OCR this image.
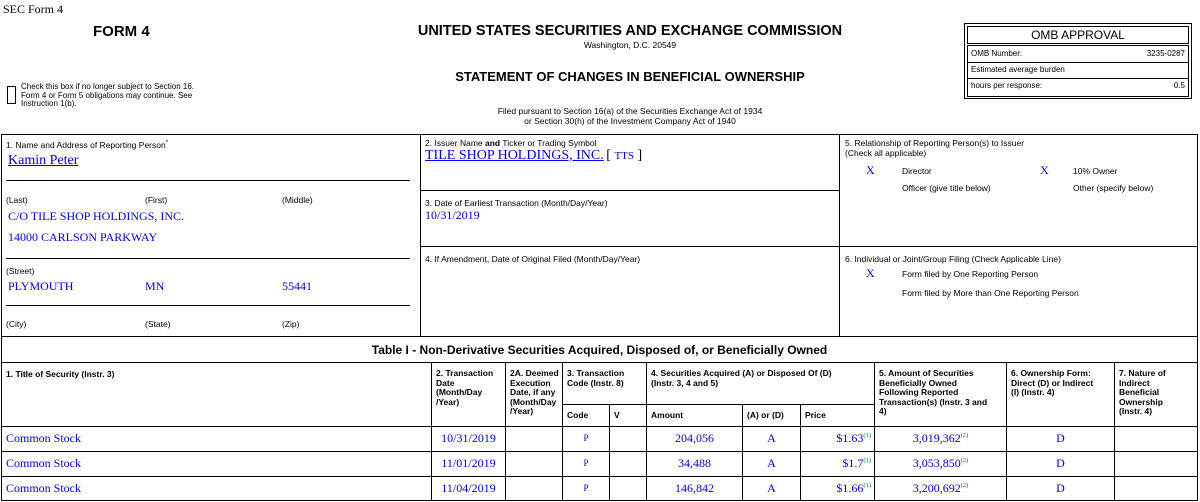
SEC Form 4
FORM 4	UNITED STATES SECURITIES AND EXCHANGE COMMISSION
Washington, D.C. 20549
STATEMENT OF CHANGES IN BENEFICIAL OWNERSHIP
Filed pursuant to Section 16(a) of the Securities Exchange Act of 1934
or Section 30(h) of the Investment Company Act of 1940
Check this box if no longer subject to Section 16.
Form 4 or Form 5 obligations may continue. See
Instruction 1(b).
OMB APPROVAL
OMB Number:	3235-0287
Estimated average burden
hours per response:	0.5
1. Name and Address of Reporting Person*
Kamin Peter
(Last)	(First)	(Middle)
C/O TILE SHOP HOLDINGS, INC.
14000 CARLSON PARKWAY
(Street)
PLYMOUTH	MN	55441
(City)	(State)	(Zip)
2. Issuer Name and Ticker or Trading Symbol
TILE SHOP HOLDINGS, INC. [ TTS ]
3. Date of Earliest Transaction (Month/Day/Year)
10/31/2019
4. If Amendment, Date of Original Filed (Month/Day/Year)
5. Relationship of Reporting Person(s) to Issuer
(Check all applicable)
X	Director	X	10% Owner
Officer (give title below)	Other (specify below)
6. Individual or Joint/Group Filing (Check Applicable Line)
X	Form filed by One Reporting Person
Form filed by More than One Reporting Person
Table I - Non-Derivative Securities Acquired, Disposed of, or Beneficially Owned
1. Title of Security (Instr. 3)	2. Transaction
Date
(Month/Day
/Year)
2A. Deemed
Execution
Date, if any
(Month/Day
/Year)
3. Transaction
Code (Instr. 8)
Code	V
4. Securities Acquired (A) or Disposed Of (D)
(Instr. 3, 4 and 5)
Amount	(A) or (D) Price
5. Amount of Securities
Beneficially Owned
Following Reported
Transaction(s) (Instr. 3 and
4)
6. Ownership Form:
Direct (D) or Indirect
(I) (Instr. 4)
7. Nature of
Indirect
Beneficial
Ownership
(Instr. 4)
Common Stock	10/31/2019	P	204,056	A	$1.63$^{(1)}$	3,019,362$^{(2)}$	D
Common Stock	11/01/2019	P	34,488	A	$1.7$^{(1)}$	3,053,850$^{(2)}$	D
Common Stock	11/04/2019	P	146,842	A	$1.66$^{(1)}$	3,200,692$^{(2)}$	D
